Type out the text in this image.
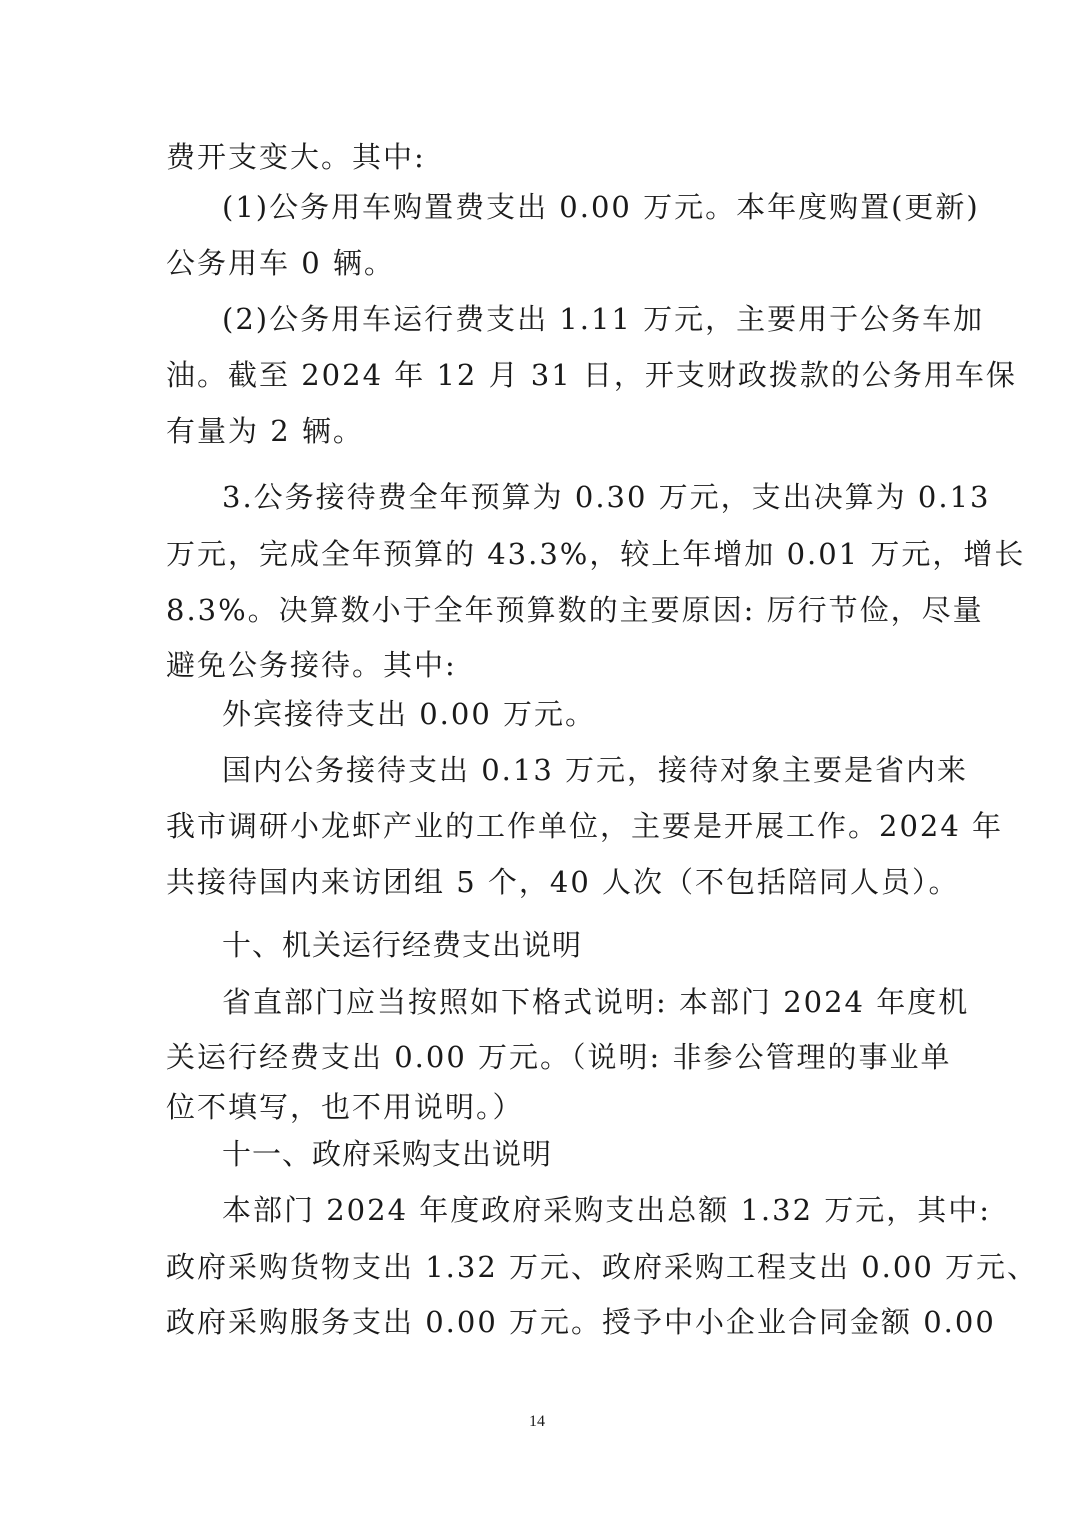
费开支变大。其中:
(1)公务用车购置费支出 0.00 万元。本年度购置(更新)
公务用车 0 辆。
(2)公务用车运行费支出 1.11 万元，主要用于公务车加
油。截至 2024 年 12 月 31 日，开支财政拨款的公务用车保
有量为 2 辆。
3.公务接待费全年预算为 0.30 万元，支出决算为 0.13
万元，完成全年预算的 43.3%，较上年增加 0.01 万元，增长
8.3%。决算数小于全年预算数的主要原因: 厉行节俭，尽量
避免公务接待。其中:
外宾接待支出 0.00 万元。
国内公务接待支出 0.13 万元，接待对象主要是省内来
我市调研小龙虾产业的工作单位，主要是开展工作。2024 年
共接待国内来访团组 5 个，40 人次（不包括陪同人员）。
十、机关运行经费支出说明
省直部门应当按照如下格式说明: 本部门 2024 年度机
关运行经费支出 0.00 万元。（说明: 非参公管理的事业单
位不填写，也不用说明。）
十一、政府采购支出说明
本部门 2024 年度政府采购支出总额 1.32 万元，其中:
政府采购货物支出 1.32 万元、政府采购工程支出 0.00 万元、
政府采购服务支出 0.00 万元。授予中小企业合同金额 0.00
14
